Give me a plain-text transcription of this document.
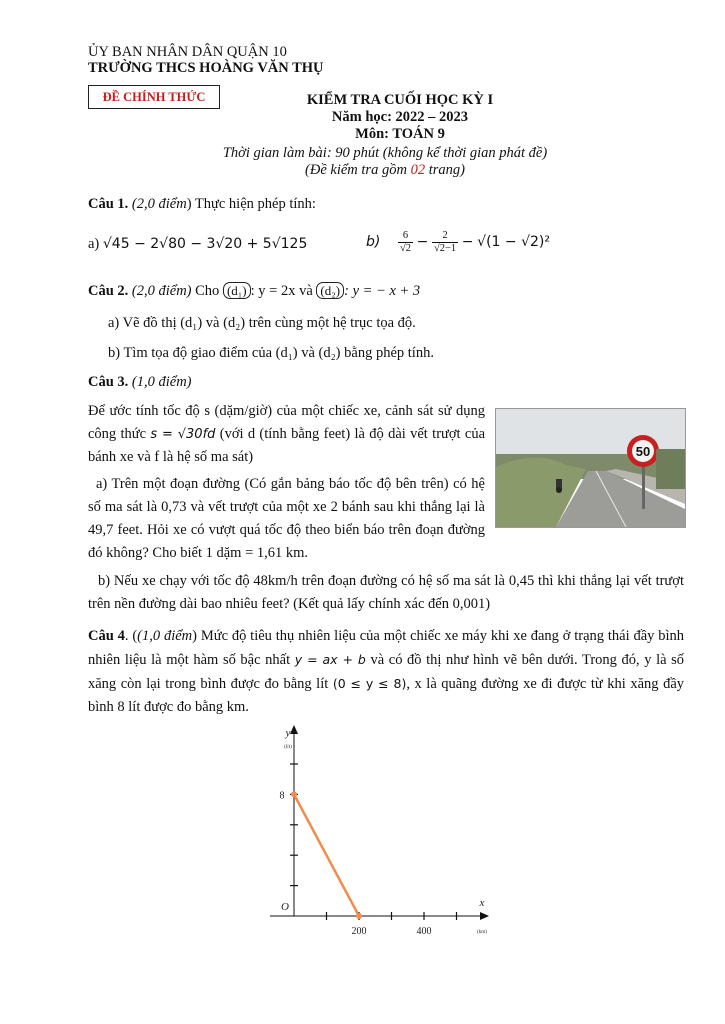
ỦY BAN NHÂN DÂN QUẬN 10
TRƯỜNG THCS HOÀNG VĂN THỤ
ĐỀ CHÍNH THỨC	KIỂM TRA CUỐI HỌC KỲ I
Năm học: 2022 – 2023
Môn: TOÁN 9
Thời gian làm bài: 90 phút (không kể thời gian phát đề)
(Đề kiểm tra gồm 02 trang)
Câu 1. (2,0 điểm) Thực hiện phép tính:
a) √45 − 2√80 − 3√20 + 5√125	$b) \frac{6}{√2} - \frac{2}{√2-1} - √(1 - √2)^2$
Câu 2. (2,0 điểm) Cho (d₁) : y = 2x và (d₂) : y = − x + 3
a) Vẽ đồ thị (d₁) và (d₂) trên cùng một hệ trục tọa độ.
b) Tìm tọa độ giao điểm của (d₁) và (d₂) bằng phép tính.
Câu 3. (1,0 điểm)
Để ước tính tốc độ s (dặm/giờ) của một chiếc xe, cảnh sát sử dụng công thức s = √30fd (với d (tính bằng feet) là độ dài vết trượt của bánh xe và f là hệ số ma sát)
a) Trên một đoạn đường (Có gắn bảng báo tốc độ bên trên) có hệ số ma sát là 0,73 và vết trượt của một xe 2 bánh sau khi thắng lại là 49,7 feet. Hỏi xe có vượt quá tốc độ theo biển báo trên đoạn đường đó không? Cho biết 1 dặm = 1,61 km.
b) Nếu xe chạy với tốc độ 48km/h trên đoạn đường có hệ số ma sát là 0,45 thì khi thắng lại vết trượt trên nền đường dài bao nhiêu feet? (Kết quả lấy chính xác đến 0,001)
50
Câu 4. ((1,0 điểm) Mức độ tiêu thụ nhiên liệu của một chiếc xe máy khi xe đang ở trạng thái đầy bình nhiên liệu là một hàm số bậc nhất y = ax + b và có đồ thị như hình vẽ bên dưới. Trong đó, y là số xăng còn lại trong bình được đo bằng lít (0 ≤ y ≤ 8), x là quãng đường xe đi được từ khi xăng đầy bình 8 lít được đo bằng km.
200	400
8
O
y
(lít)
x
(km)
